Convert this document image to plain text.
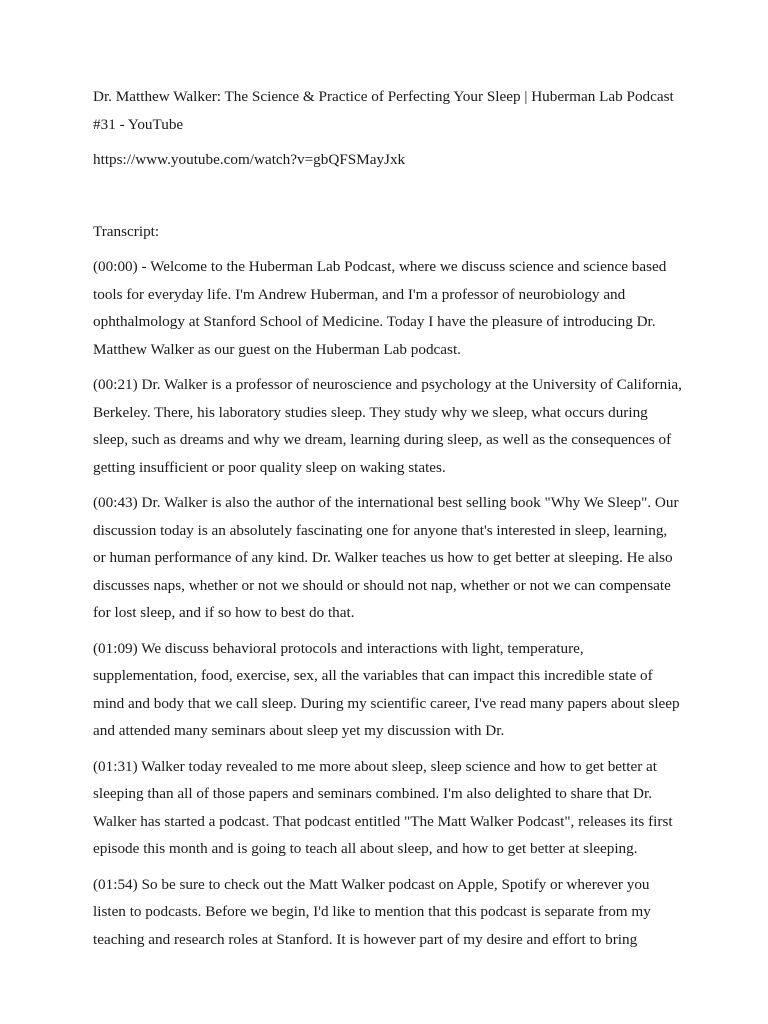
Dr. Matthew Walker: The Science & Practice of Perfecting Your Sleep | Huberman Lab Podcast #31 - YouTube

https://www.youtube.com/watch?v=gbQFSMayJxk

Transcript:

(00:00) - Welcome to the Huberman Lab Podcast, where we discuss science and science based tools for everyday life. I'm Andrew Huberman, and I'm a professor of neurobiology and ophthalmology at Stanford School of Medicine. Today I have the pleasure of introducing Dr. Matthew Walker as our guest on the Huberman Lab podcast.

(00:21) Dr. Walker is a professor of neuroscience and psychology at the University of California, Berkeley. There, his laboratory studies sleep. They study why we sleep, what occurs during sleep, such as dreams and why we dream, learning during sleep, as well as the consequences of getting insufficient or poor quality sleep on waking states.

(00:43) Dr. Walker is also the author of the international best selling book "Why We Sleep". Our discussion today is an absolutely fascinating one for anyone that's interested in sleep, learning, or human performance of any kind. Dr. Walker teaches us how to get better at sleeping. He also discusses naps, whether or not we should or should not nap, whether or not we can compensate for lost sleep, and if so how to best do that.

(01:09) We discuss behavioral protocols and interactions with light, temperature, supplementation, food, exercise, sex, all the variables that can impact this incredible state of mind and body that we call sleep. During my scientific career, I've read many papers about sleep and attended many seminars about sleep yet my discussion with Dr.

(01:31) Walker today revealed to me more about sleep, sleep science and how to get better at sleeping than all of those papers and seminars combined. I'm also delighted to share that Dr. Walker has started a podcast. That podcast entitled "The Matt Walker Podcast", releases its first episode this month and is going to teach all about sleep, and how to get better at sleeping.

(01:54) So be sure to check out the Matt Walker podcast on Apple, Spotify or wherever you listen to podcasts. Before we begin, I'd like to mention that this podcast is separate from my teaching and research roles at Stanford. It is however part of my desire and effort to bring
